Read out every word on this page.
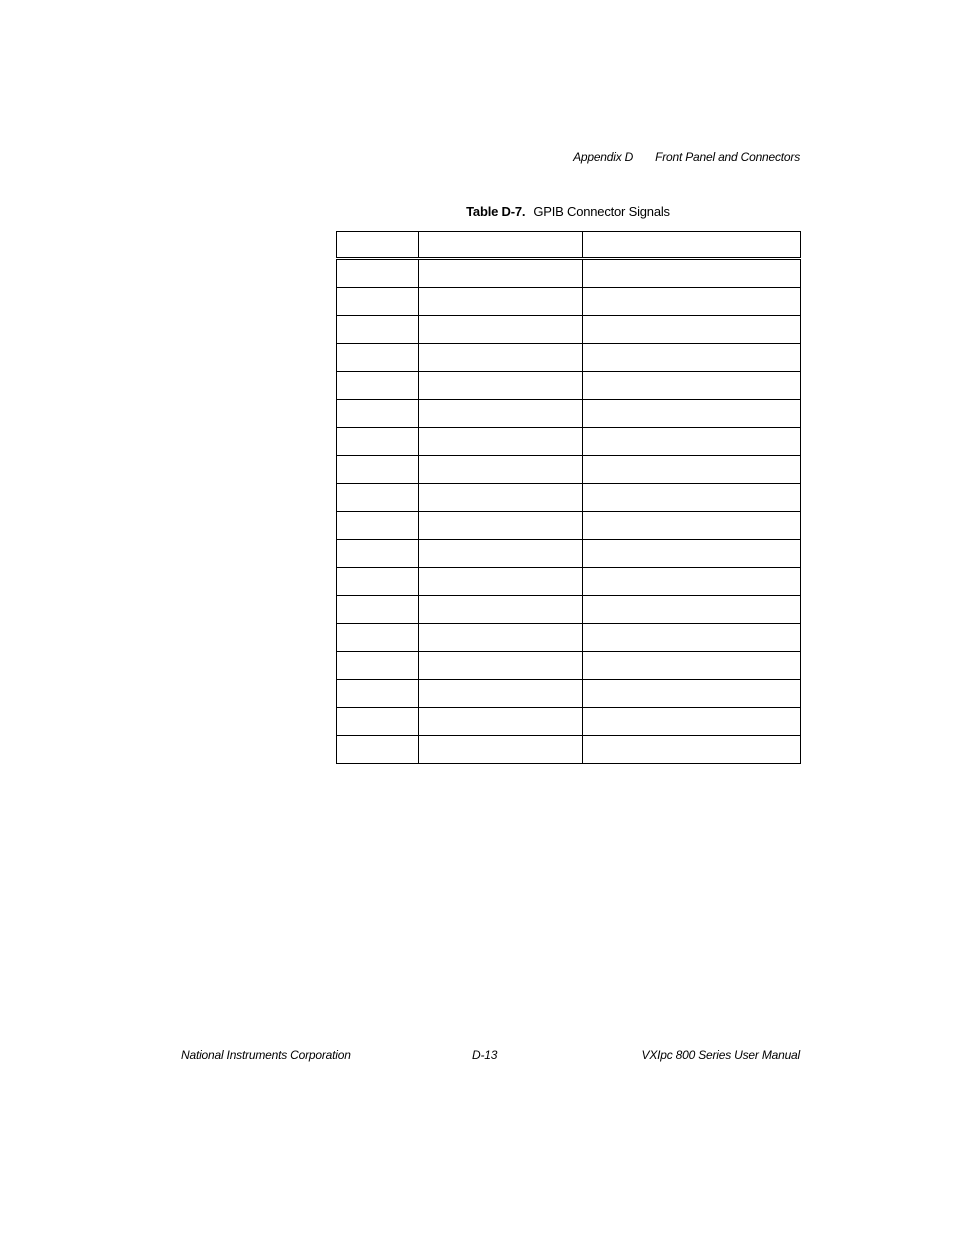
Appendix D Front Panel and Connectors
Table D-7. GPIB Connector Signals

National Instruments Corporation	D-13	VXIpc 800 Series User Manual
